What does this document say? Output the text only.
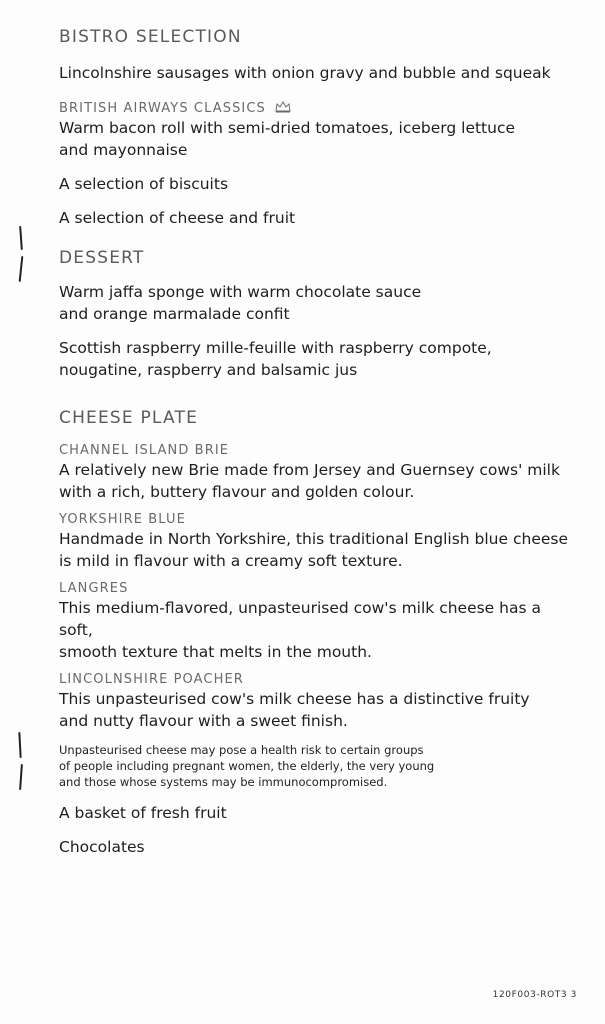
BISTRO SELECTION

Lincolnshire sausages with onion gravy and bubble and squeak

BRITISH AIRWAYS CLASSICS

Warm bacon roll with semi-dried tomatoes, iceberg lettuce
and mayonnaise

A selection of biscuits

A selection of cheese and fruit

DESSERT

Warm jaffa sponge with warm chocolate sauce
and orange marmalade confit

Scottish raspberry mille-feuille with raspberry compote,
nougatine, raspberry and balsamic jus

CHEESE PLATE

CHANNEL ISLAND BRIE

A relatively new Brie made from Jersey and Guernsey cows' milk
with a rich, buttery flavour and golden colour.

YORKSHIRE BLUE

Handmade in North Yorkshire, this traditional English blue cheese
is mild in flavour with a creamy soft texture.

LANGRES

This medium-flavored, unpasteurised cow's milk cheese has a soft,
smooth texture that melts in the mouth.

LINCOLNSHIRE POACHER

This unpasteurised cow's milk cheese has a distinctive fruity
and nutty flavour with a sweet finish.

Unpasteurised cheese may pose a health risk to certain groups
of people including pregnant women, the elderly, the very young
and those whose systems may be immunocompromised.

A basket of fresh fruit

Chocolates

120F003-ROT3 3
